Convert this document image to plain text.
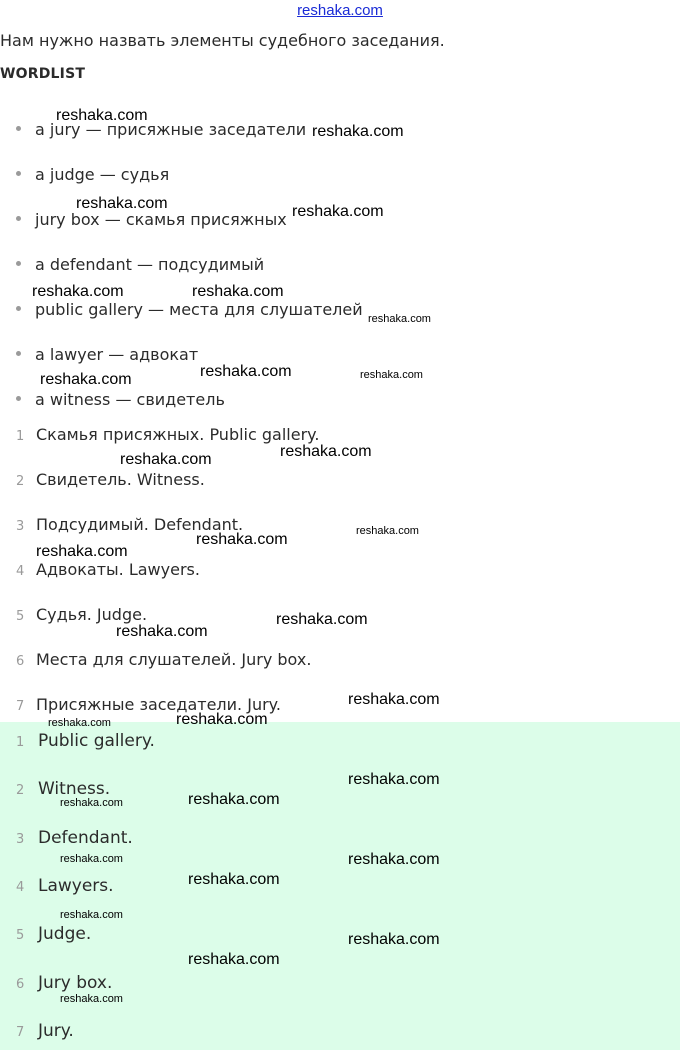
reshaka.com
Нам нужно назвать элементы судебного заседания.
WORDLIST
a jury — присяжные заседатели
a judge — судья
jury box — скамья присяжных
a defendant — подсудимый
public gallery — места для слушателей
a lawyer — адвокат
a witness — свидетель
1 Скамья присяжных. Public gallery.
2 Свидетель. Witness.
3 Подсудимый. Defendant.
4 Адвокаты. Lawyers.
5 Судья. Judge.
6 Места для слушателей. Jury box.
7 Присяжные заседатели. Jury.
1 Public gallery.
2 Witness.
3 Defendant.
4 Lawyers.
5 Judge.
6 Jury box.
7 Jury.
reshaka.com
reshaka.com
reshaka.com	reshaka.com
reshaka.com	reshaka.com
reshaka.com
reshaka.com	reshaka.com	reshaka.com
reshaka.com	reshaka.com
reshaka.com
reshaka.com
reshaka.com
reshaka.com
reshaka.com
reshaka.com
reshaka.com	reshaka.com
reshaka.com
reshaka.com	reshaka.com
reshaka.com
reshaka.com
reshaka.com
reshaka.com
reshaka.com
reshaka.com
reshaka.com
